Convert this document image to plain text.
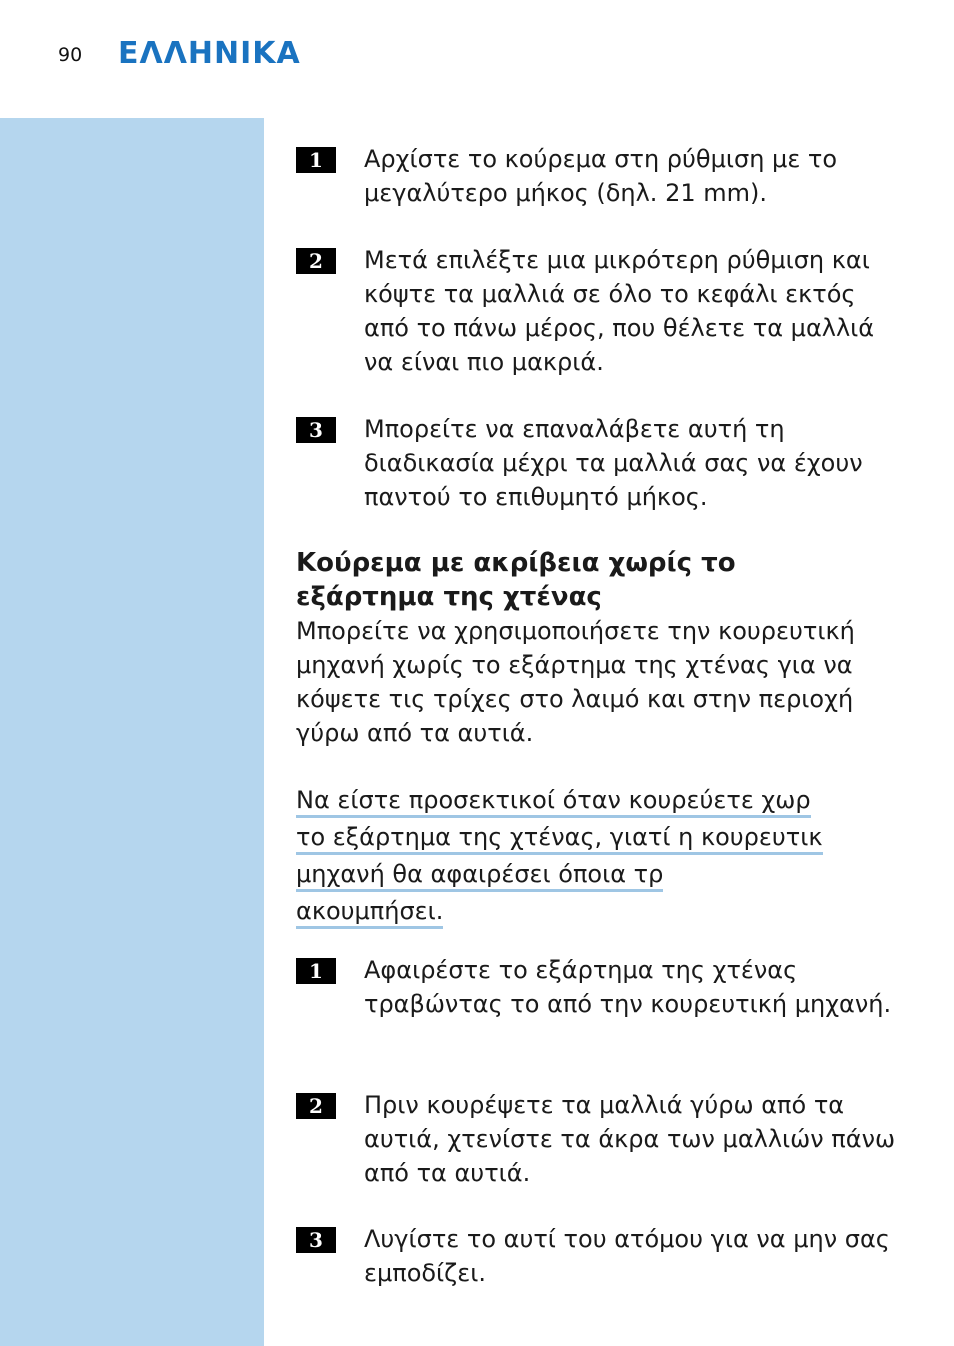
90 ΕΛΛΗΝΙΚΑ
1	Αρχίστε το κούρεμα στη ρύθμιση με το μεγαλύτερο μήκος (δηλ. 21 mm).
2	Μετά επιλέξτε μια μικρότερη ρύθμιση και κόψτε τα μαλλιά σε όλο το κεφάλι εκτός από το πάνω μέρος, που θέλετε τα μαλλιά να είναι πιο μακριά.
3	Μπορείτε να επαναλάβετε αυτή τη διαδικασία μέχρι τα μαλλιά σας να έχουν παντού το επιθυμητό μήκος.
Κούρεμα με ακρίβεια χωρίς το
εξάρτημα της χτένας
Μπορείτε να χρησιμοποιήσετε την κουρευτική μηχανή χωρίς το εξάρτημα της χτένας για να κόψετε τις τρίχες στο λαιμό και στην περιοχή γύρω από τα αυτιά.
Να είστε προσεκτικοί όταν κουρεύετε χωρ
το εξάρτημα της χτένας, γιατί η κουρευτικ
μηχανή θα αφαιρέσει όποια τρ
ακουμπήσει.
1	Αφαιρέστε το εξάρτημα της χτένας τραβώντας το από την κουρευτική μηχανή.
2	Πριν κουρέψετε τα μαλλιά γύρω από τα αυτιά, χτενίστε τα άκρα των μαλλιών πάνω από τα αυτιά.
3	Λυγίστε το αυτί του ατόμου για να μην σας εμποδίζει.
